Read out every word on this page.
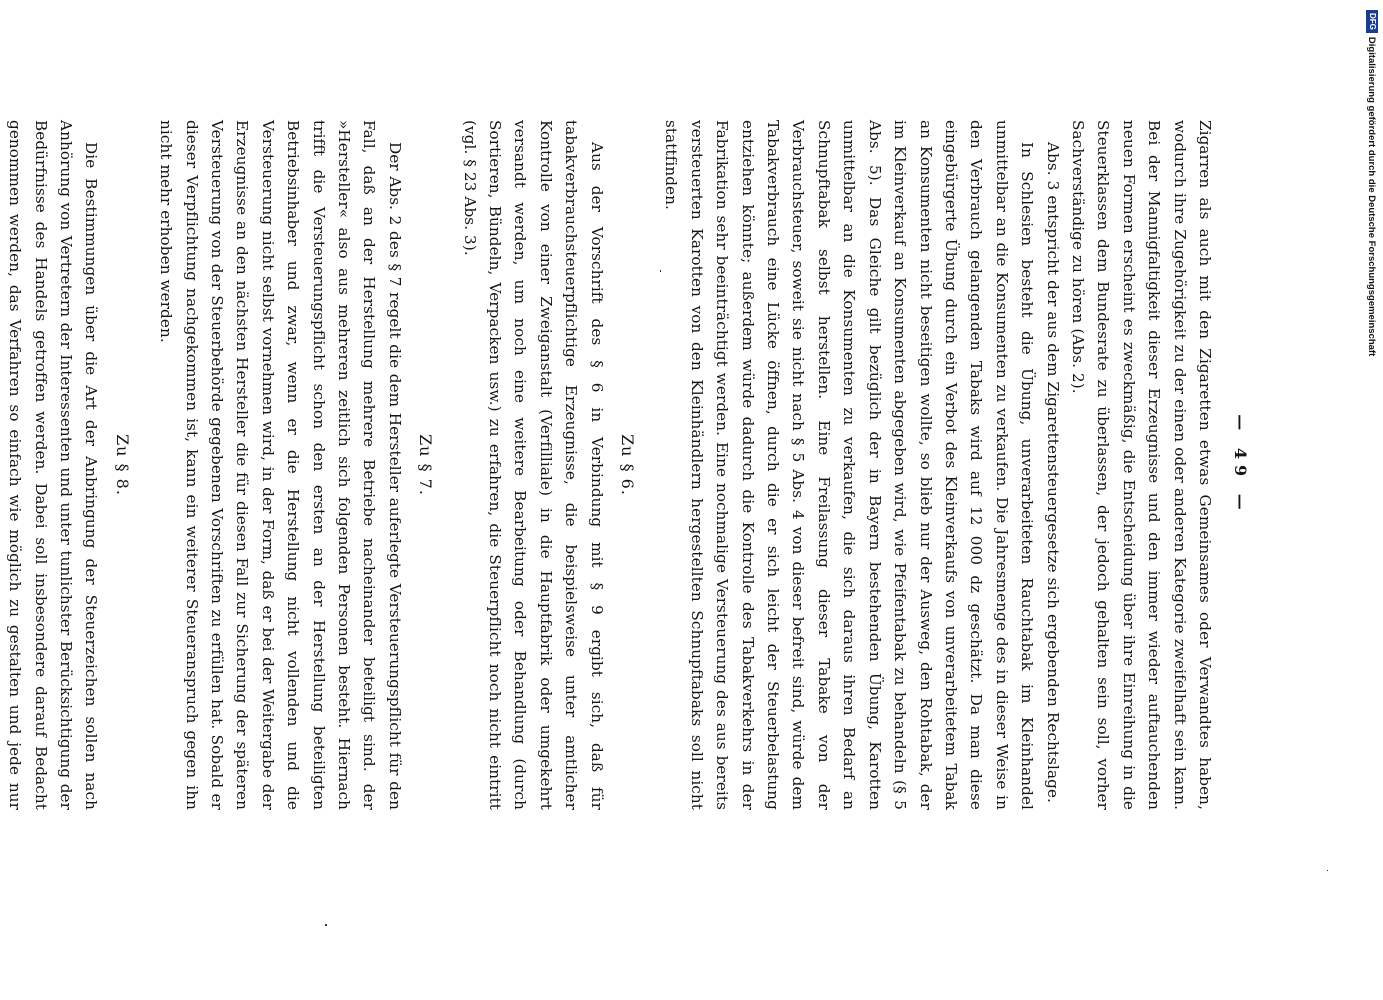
— 49 —

Zigarren als auch mit den Zigaretten etwas Gemeinsames oder Verwandtes haben, wodurch ihre Zugehörigkeit zu der einen oder anderen Kategorie zweifelhaft sein kann. Bei der Mannigfaltigkeit dieser Erzeugnisse und den immer wieder auftauchenden neuen Formen erscheint es zweckmäßig, die Entscheidung über ihre Einreihung in die Steuerklassen dem Bundesrate zu überlassen, der jedoch gehalten sein soll, vorher Sachverständige zu hören (Abs. 2).

Abs. 3 entspricht der aus dem Zigarettensteuergesetze sich ergebenden Rechtslage.

In Schlesien besteht die Übung, unverarbeiteten Rauchtabak im Kleinhandel unmittelbar an die Konsumenten zu verkaufen. Die Jahresmenge des in dieser Weise in den Verbrauch gelangenden Tabaks wird auf 12 000 dz geschätzt. Da man diese eingebürgerte Übung durch ein Verbot des Kleinverkaufs von unverarbeitetem Tabak an Konsumenten nicht beseitigen wollte, so blieb nur der Ausweg, den Rohtabak, der im Kleinverkauf an Konsumenten abgegeben wird, wie Pfeifentabak zu behandeln (§ 5 Abs. 5). Das Gleiche gilt bezüglich der in Bayern bestehenden Übung, Karotten unmittelbar an die Konsumenten zu verkaufen, die sich daraus ihren Bedarf an Schnupftabak selbst herstellen. Eine Freilassung dieser Tabake von der Verbrauchsteuer, soweit sie nicht nach § 5 Abs. 4 von dieser befreit sind, würde dem Tabakverbrauch eine Lücke öffnen, durch die er sich leicht der Steuerbelastung entziehen könnte; außerdem würde dadurch die Kontrolle des Tabakverkehrs in der Fabrikation sehr beeinträchtigt werden. Eine nochmalige Versteuerung des aus bereits versteuerten Karotten von den Kleinhändlern hergestellten Schnupftabaks soll nicht stattfinden.

Zu § 6.

Aus der Vorschrift des § 6 in Verbindung mit § 9 ergibt sich, daß für tabakverbrauchsteuerpflichtige Erzeugnisse, die beispielsweise unter amtlicher Kontrolle von einer Zweiganstalt (Verfilliale) in die Hauptfabrik oder umgekehrt versandt werden, um noch eine weitere Bearbeitung oder Behandlung (durch Sortieren, Bündeln, Verpacken usw.) zu erfahren, die Steuerpflicht noch nicht eintritt (vgl. § 23 Abs. 3).

Zu § 7.

Der Abs. 2 des § 7 regelt die dem Hersteller auferlegte Versteuerungspflicht für den Fall, daß an der Herstellung mehrere Betriebe nacheinander beteiligt sind. der »Hersteller« also aus mehreren zeitlich sich folgenden Personen besteht. Hiernach trifft die Versteuerungspflicht schon den ersten an der Herstellung beteiligten Betriebsinhaber und zwar, wenn er die Herstellung nicht vollenden und die Versteuerung nicht selbst vornehmen wird, in der Form, daß er bei der Weitergabe der Erzeugnisse an den nächsten Hersteller die für diesen Fall zur Sicherung der späteren Versteuerung von der Steuerbehörde gegebenen Vorschriften zu erfüllen hat. Sobald er dieser Verpflichtung nachgekommen ist, kann ein weiterer Steueranspruch gegen ihn nicht mehr erhoben werden.

Zu § 8.

Die Bestimmungen über die Art der Anbringung der Steuerzeichen sollen nach Anhörung von Vertretern der Interessenten und unter tunlichster Berücksichtigung der Bedürfnisse des Handels getroffen werden. Dabei soll insbesondere darauf Bedacht genommen werden, das Verfahren so einfach wie möglich zu gestalten und jede nur

DFGDigitalisierung gefördert durch die Deutsche Forschungsgemeinschaft
